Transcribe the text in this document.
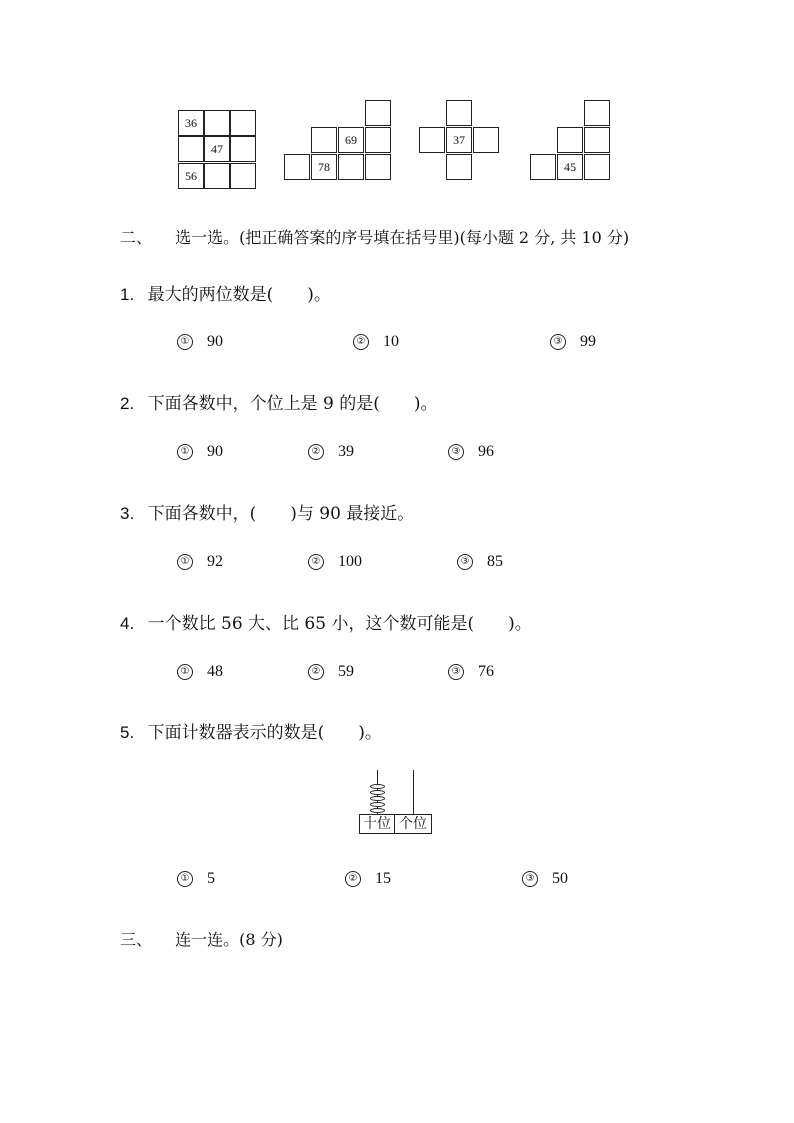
36
47
56
69
78
37
45
二、 选一选。(把正确答案的序号填在括号里)(每小题 2 分, 共 10 分)
1. 最大的两位数是(　　)。
① 90	② 10	③ 99
2. 下面各数中，个位上是 9 的是(　　)。
① 90	② 39	③ 96
3. 下面各数中，(　　)与 90 最接近。
① 92	② 100	③ 85
4. 一个数比 56 大、比 65 小，这个数可能是(　　)。
① 48	② 59	③ 76
5. 下面计数器表示的数是(　　)。
十位 个位
① 5	② 15	③ 50
三、 连一连。(8 分)
